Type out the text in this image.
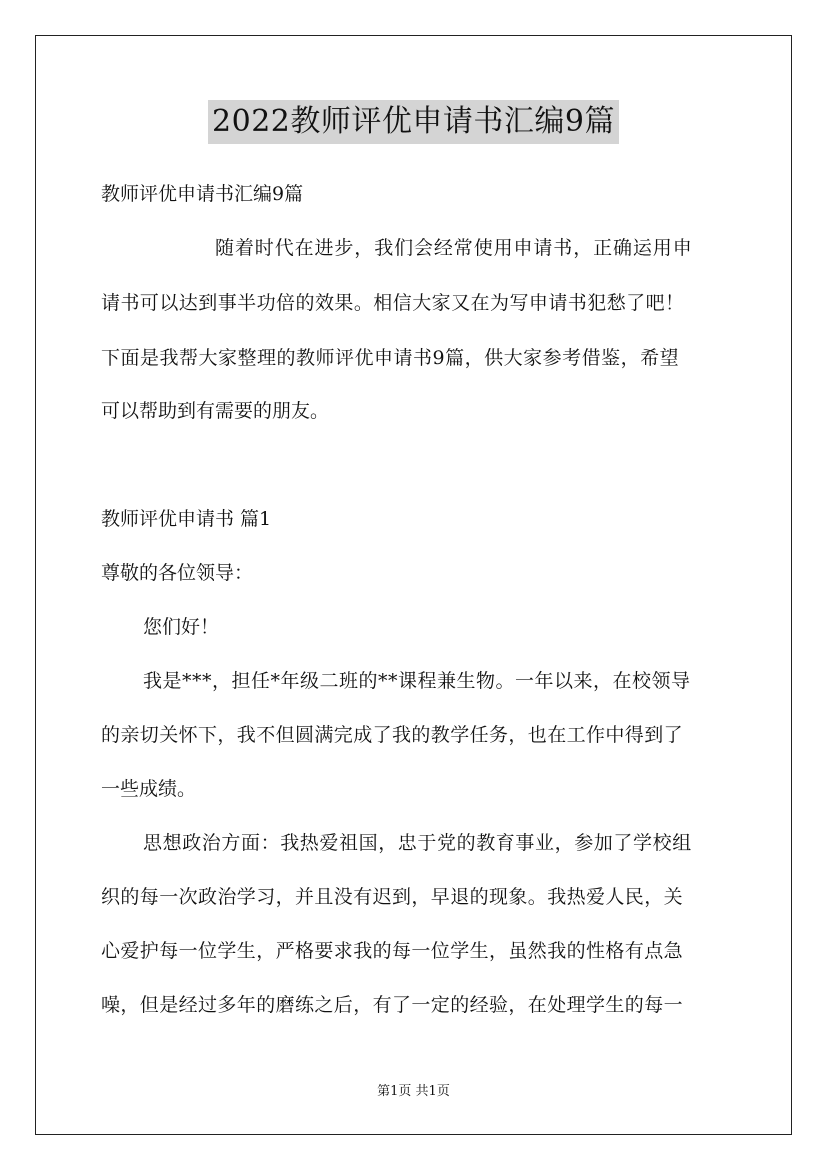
2022教师评优申请书汇编9篇
教师评优申请书汇编9篇
随着时代在进步，我们会经常使用申请书，正确运用申
请书可以达到事半功倍的效果。相信大家又在为写申请书犯愁了吧！
下面是我帮大家整理的教师评优申请书9篇，供大家参考借鉴，希望
可以帮助到有需要的朋友。
教师评优申请书 篇1
尊敬的各位领导：
您们好！
我是***，担任*年级二班的**课程兼生物。一年以来，在校领导
的亲切关怀下，我不但圆满完成了我的教学任务，也在工作中得到了
一些成绩。
思想政治方面：我热爱祖国，忠于党的教育事业，参加了学校组
织的每一次政治学习，并且没有迟到，早退的现象。我热爱人民，关
心爱护每一位学生，严格要求我的每一位学生，虽然我的性格有点急
噪，但是经过多年的磨练之后，有了一定的经验，在处理学生的每一
第1页 共1页
